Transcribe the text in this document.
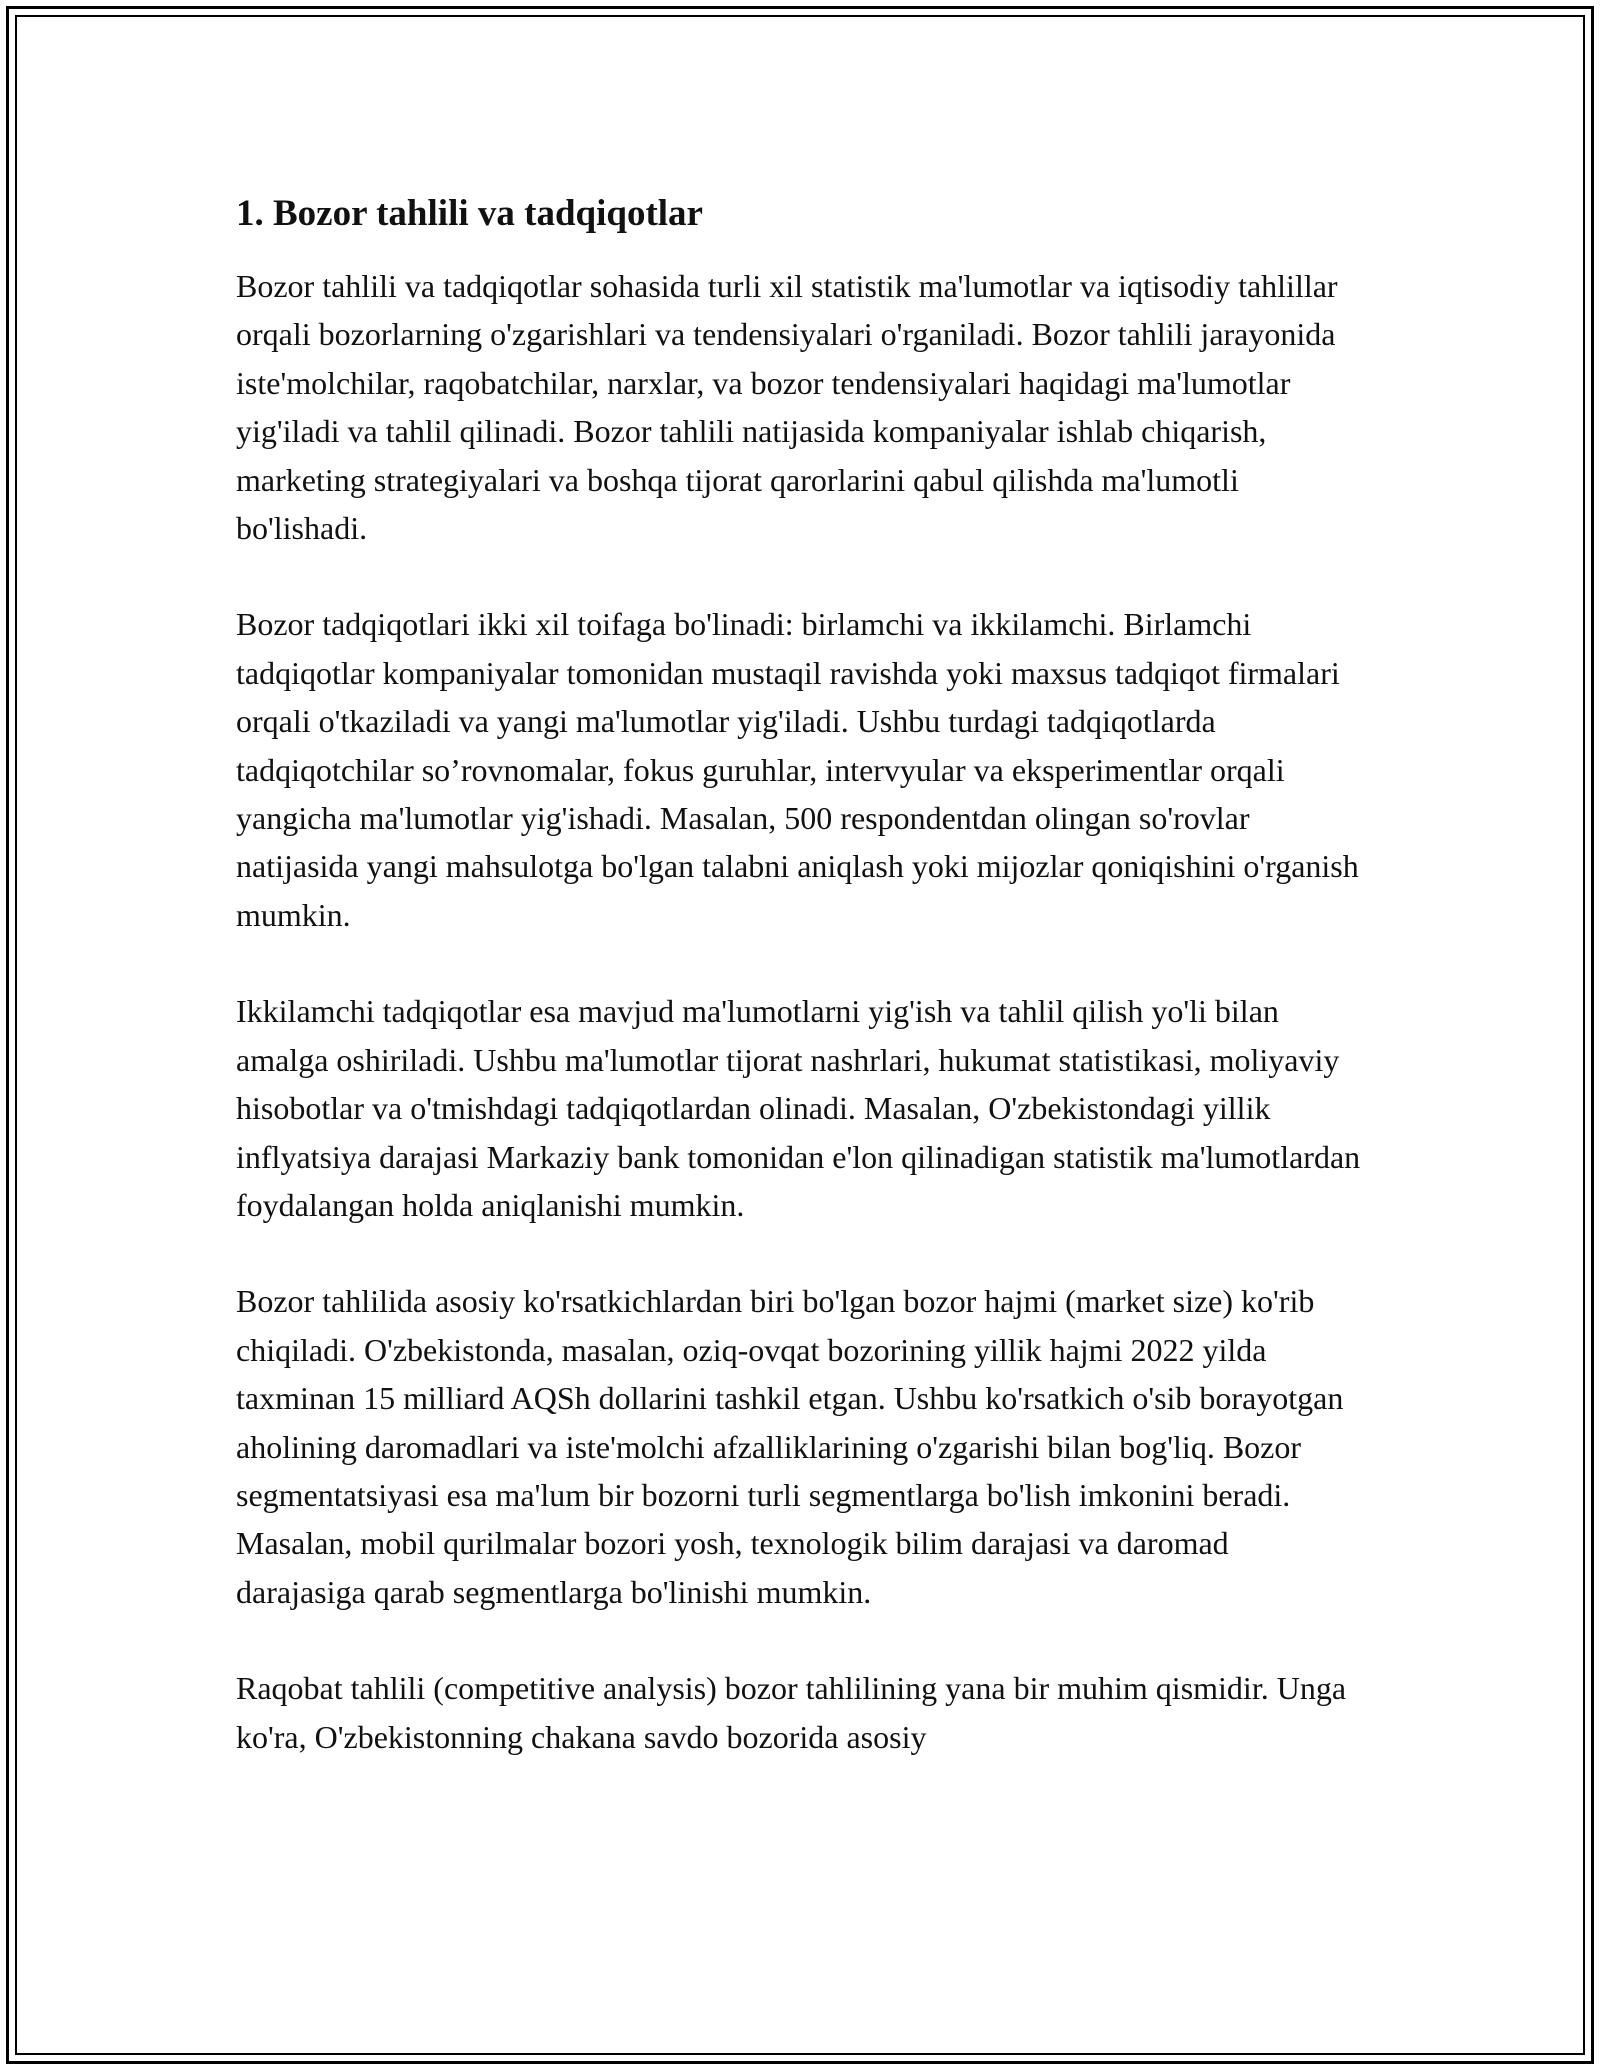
1. Bozor tahlili va tadqiqotlar

Bozor tahlili va tadqiqotlar sohasida turli xil statistik ma'lumotlar va iqtisodiy tahlillar orqali bozorlarning o'zgarishlari va tendensiyalari o'rganiladi. Bozor tahlili jarayonida iste'molchilar, raqobatchilar, narxlar, va bozor tendensiyalari haqidagi ma'lumotlar yig'iladi va tahlil qilinadi. Bozor tahlili natijasida kompaniyalar ishlab chiqarish, marketing strategiyalari va boshqa tijorat qarorlarini qabul qilishda ma'lumotli bo'lishadi.

Bozor tadqiqotlari ikki xil toifaga bo'linadi: birlamchi va ikkilamchi. Birlamchi tadqiqotlar kompaniyalar tomonidan mustaqil ravishda yoki maxsus tadqiqot firmalari orqali o'tkaziladi va yangi ma'lumotlar yig'iladi. Ushbu turdagi tadqiqotlarda tadqiqotchilar so’rovnomalar, fokus guruhlar, intervyular va eksperimentlar orqali yangicha ma'lumotlar yig'ishadi. Masalan, 500 respondentdan olingan so'rovlar natijasida yangi mahsulotga bo'lgan talabni aniqlash yoki mijozlar qoniqishini o'rganish mumkin.

Ikkilamchi tadqiqotlar esa mavjud ma'lumotlarni yig'ish va tahlil qilish yo'li bilan amalga oshiriladi. Ushbu ma'lumotlar tijorat nashrlari, hukumat statistikasi, moliyaviy hisobotlar va o'tmishdagi tadqiqotlardan olinadi. Masalan, O'zbekistondagi yillik inflyatsiya darajasi Markaziy bank tomonidan e'lon qilinadigan statistik ma'lumotlardan foydalangan holda aniqlanishi mumkin.

Bozor tahlilida asosiy ko'rsatkichlardan biri bo'lgan bozor hajmi (market size) ko'rib chiqiladi. O'zbekistonda, masalan, oziq-ovqat bozorining yillik hajmi 2022 yilda taxminan 15 milliard AQSh dollarini tashkil etgan. Ushbu ko'rsatkich o'sib borayotgan aholining daromadlari va iste'molchi afzalliklarining o'zgarishi bilan bog'liq. Bozor segmentatsiyasi esa ma'lum bir bozorni turli segmentlarga bo'lish imkonini beradi. Masalan, mobil qurilmalar bozori yosh, texnologik bilim darajasi va daromad darajasiga qarab segmentlarga bo'linishi mumkin.

Raqobat tahlili (competitive analysis) bozor tahlilining yana bir muhim qismidir. Unga ko'ra, O'zbekistonning chakana savdo bozorida asosiy
